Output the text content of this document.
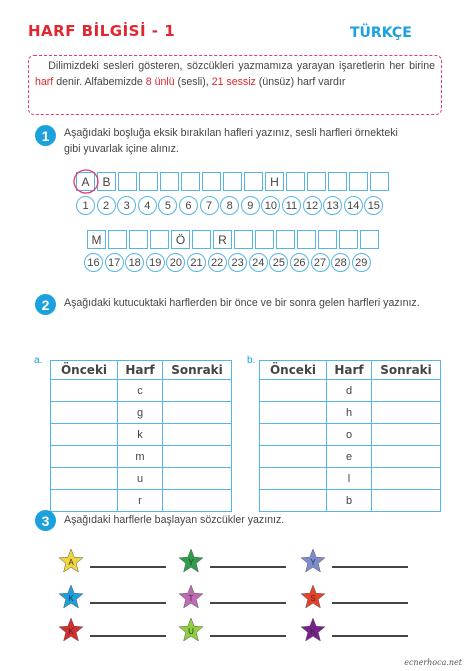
HARF BİLGİSİ - 1	TÜRKÇE
Dilimizdeki sesleri gösteren, sözcükleri yazmamıza yarayan işaretlerin her birine harf denir. Alfabemizde 8 ünlü (sesli), 21 sessiz (ünsüz) harf vardır
1	Aşağıdaki boşluğa eksik bırakılan hafleri yazınız, sesli harfleri örnekteki gibi yuvarlak içine alınız.
A	B	H
1	2	3	4	5	6	7	8	9	10 11 12 13 14 15
M	Ö	R
16 17 18 19 20 21 22 23 24 25 26 27 28 29
2	Aşağıdaki kutucuktaki harflerden bir önce ve bir sonra gelen harfleri yazınız.
a.
Önceki	Harf	Sonraki
	c	
	g	
	k	
	m	
	u	
	r	
b.
Önceki	Harf	Sonraki
	d	
	h	
	o	
	e	
	l	
	b	
3	Aşağıdaki harflerle başlayan sözcükler yazınız.
A	Y	Y
K	T	S
K	U	K
ecnerhoca.net
